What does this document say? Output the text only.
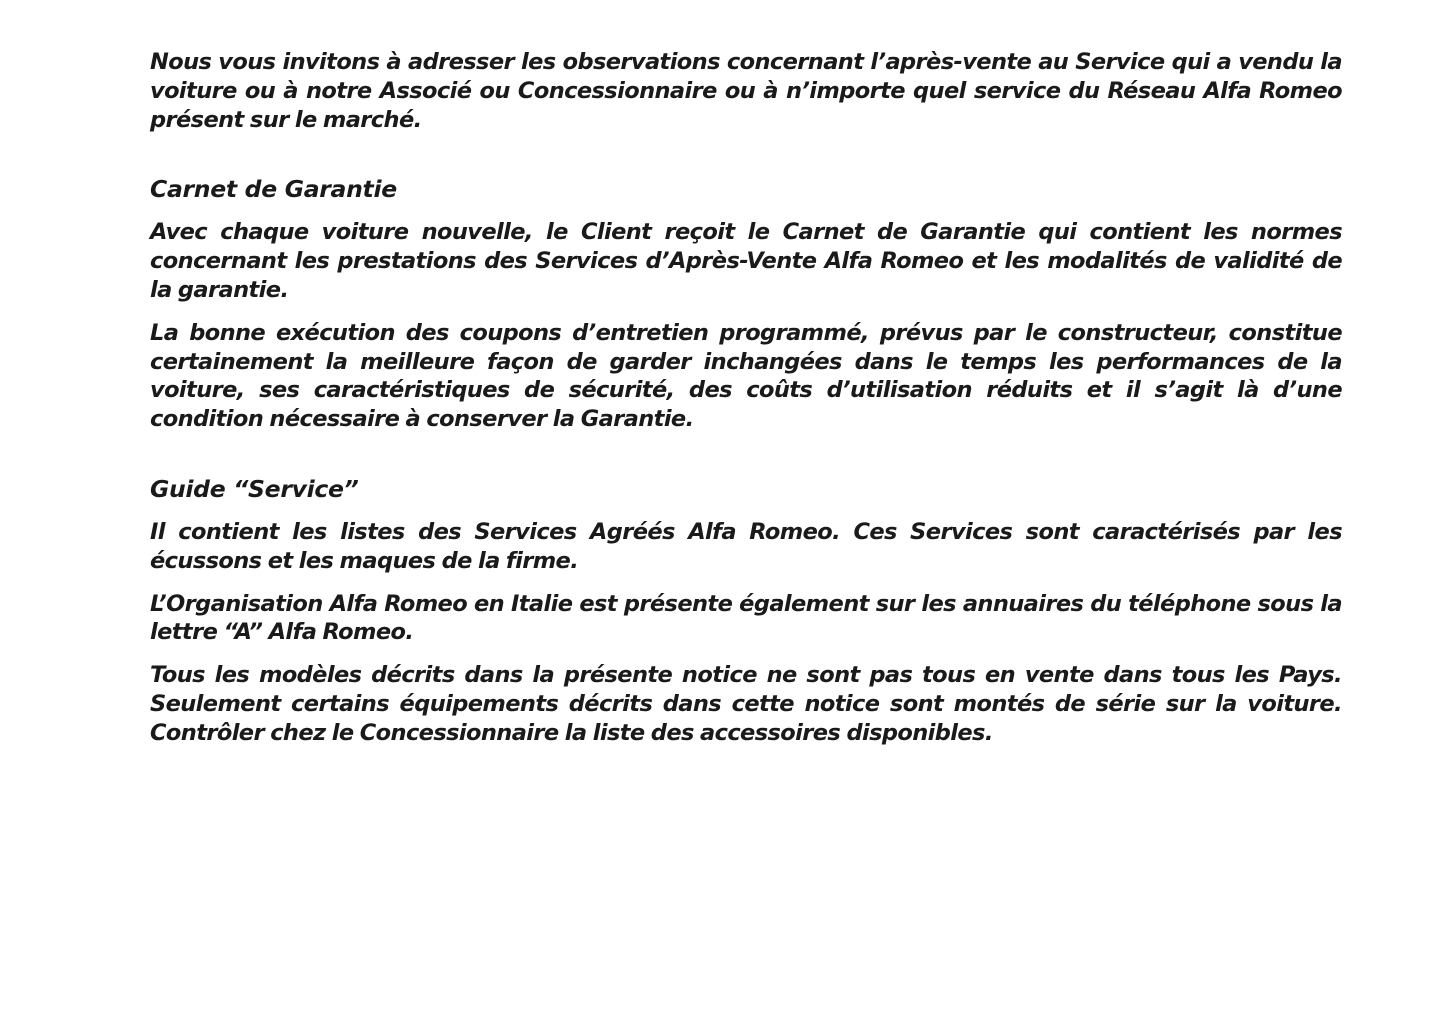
Nous vous invitons à adresser les observations concernant l’après-vente au Service qui a vendu la voiture ou à notre Associé ou Concessionnaire ou à n’importe quel service du Réseau Alfa Romeo présent sur le marché.

Carnet de Garantie

Avec chaque voiture nouvelle, le Client reçoit le Carnet de Garantie qui contient les normes concernant les prestations des Services d’Après-Vente Alfa Romeo et les modalités de validité de la garantie.

La bonne exécution des coupons d’entretien programmé, prévus par le constructeur, constitue certainement la meilleure façon de garder inchangées dans le temps les performances de la voiture, ses caractéristiques de sécurité, des coûts d’utilisation réduits et il s’agit là d’une condition nécessaire à conserver la Garantie.

Guide “Service”

Il contient les listes des Services Agréés Alfa Romeo. Ces Services sont caractérisés par les écussons et les maques de la firme.

L’Organisation Alfa Romeo en Italie est présente également sur les annuaires du téléphone sous la lettre “A” Alfa Romeo.

Tous les modèles décrits dans la présente notice ne sont pas tous en vente dans tous les Pays. Seulement certains équipements décrits dans cette notice sont montés de série sur la voiture. Contrôler chez le Concessionnaire la liste des accessoires disponibles.
